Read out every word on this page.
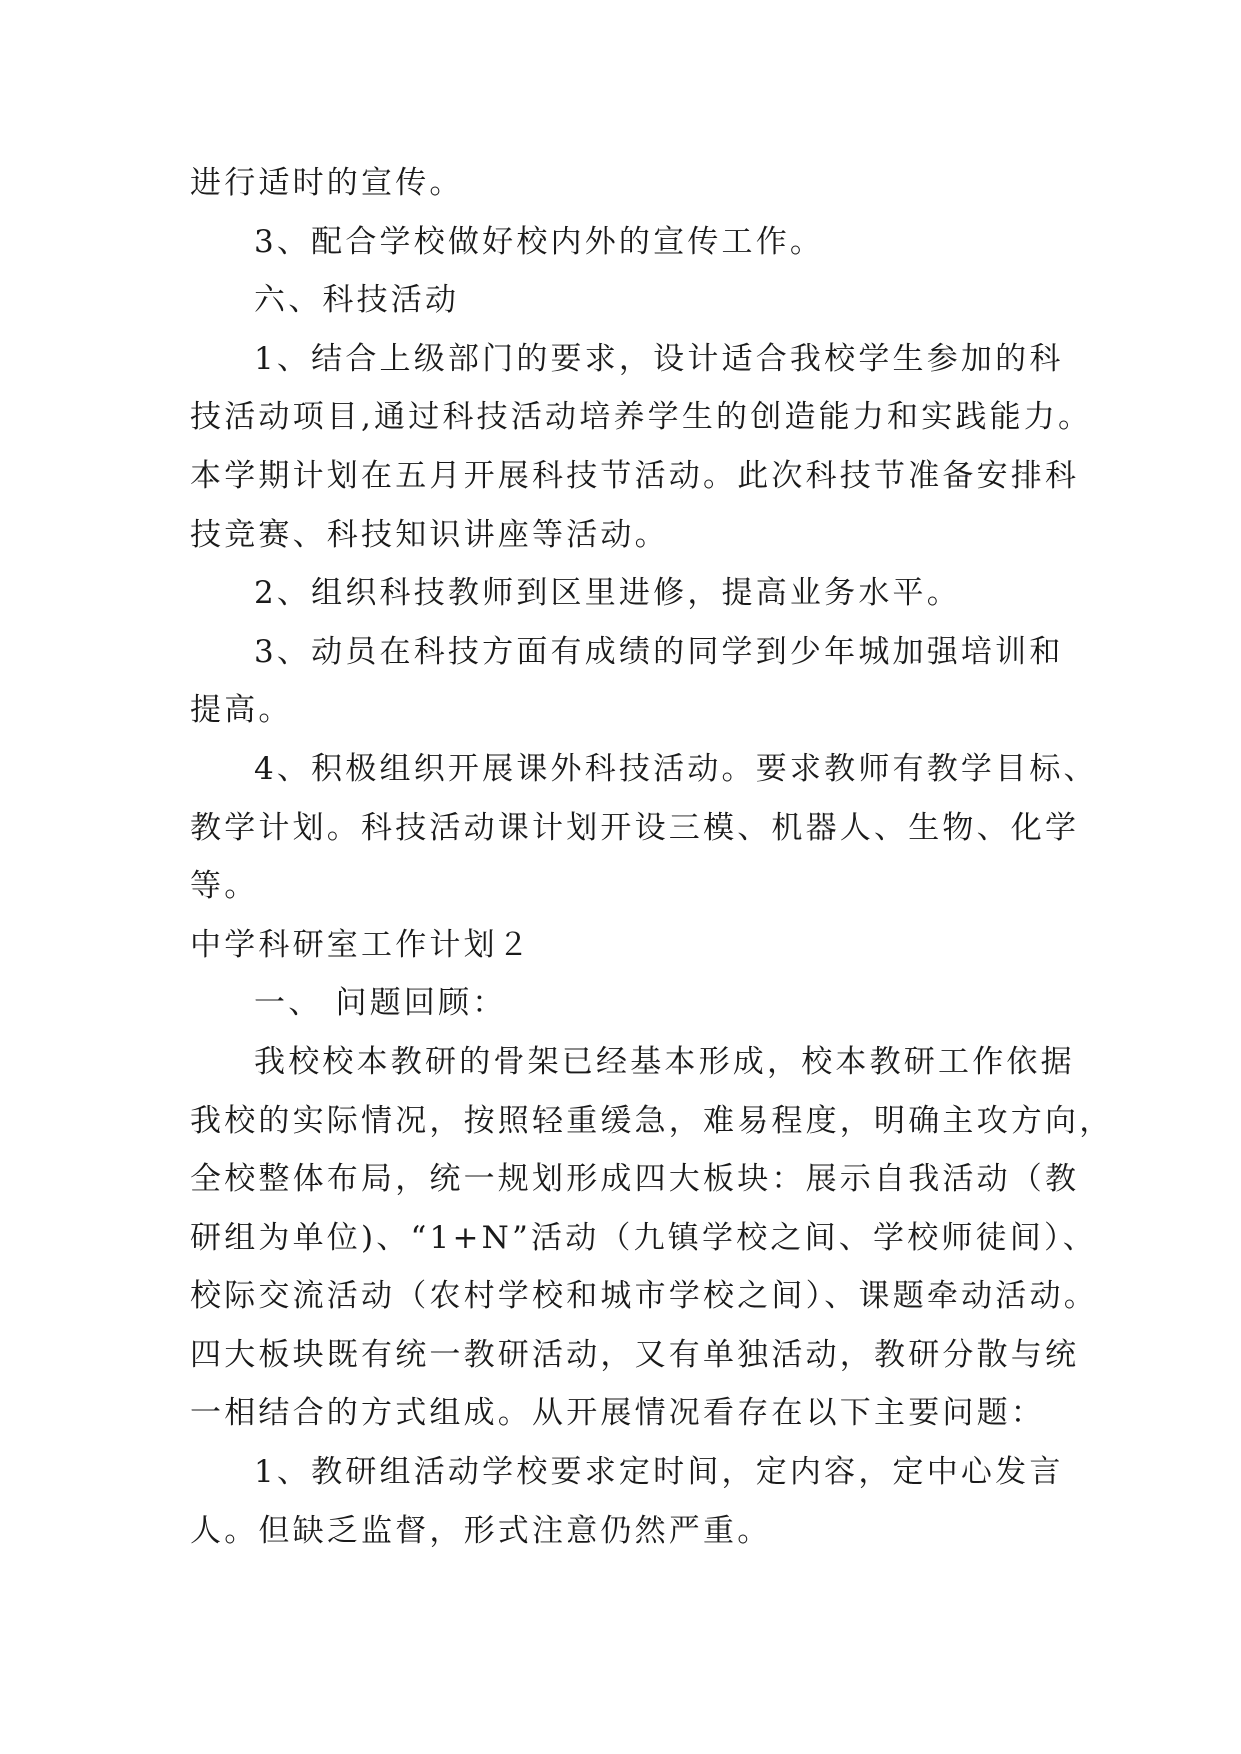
进行适时的宣传。
3、配合学校做好校内外的宣传工作。
六、科技活动
1、结合上级部门的要求，设计适合我校学生参加的科
技活动项目,通过科技活动培养学生的创造能力和实践能力。
本学期计划在五月开展科技节活动。此次科技节准备安排科
技竞赛、科技知识讲座等活动。
2、组织科技教师到区里进修，提高业务水平。
3、动员在科技方面有成绩的同学到少年城加强培训和
提高。
4、积极组织开展课外科技活动。要求教师有教学目标、
教学计划。科技活动课计划开设三模、机器人、生物、化学
等。
中学科研室工作计划２
一、 问题回顾：
我校校本教研的骨架已经基本形成，校本教研工作依据
我校的实际情况，按照轻重缓急，难易程度，明确主攻方向，
全校整体布局，统一规划形成四大板块：展示自我活动（教
研组为单位)、“1+N”活动（九镇学校之间、学校师徒间）、
校际交流活动（农村学校和城市学校之间）、课题牵动活动。
四大板块既有统一教研活动，又有单独活动，教研分散与统
一相结合的方式组成。从开展情况看存在以下主要问题：
1、教研组活动学校要求定时间，定内容，定中心发言
人。但缺乏监督，形式注意仍然严重。
